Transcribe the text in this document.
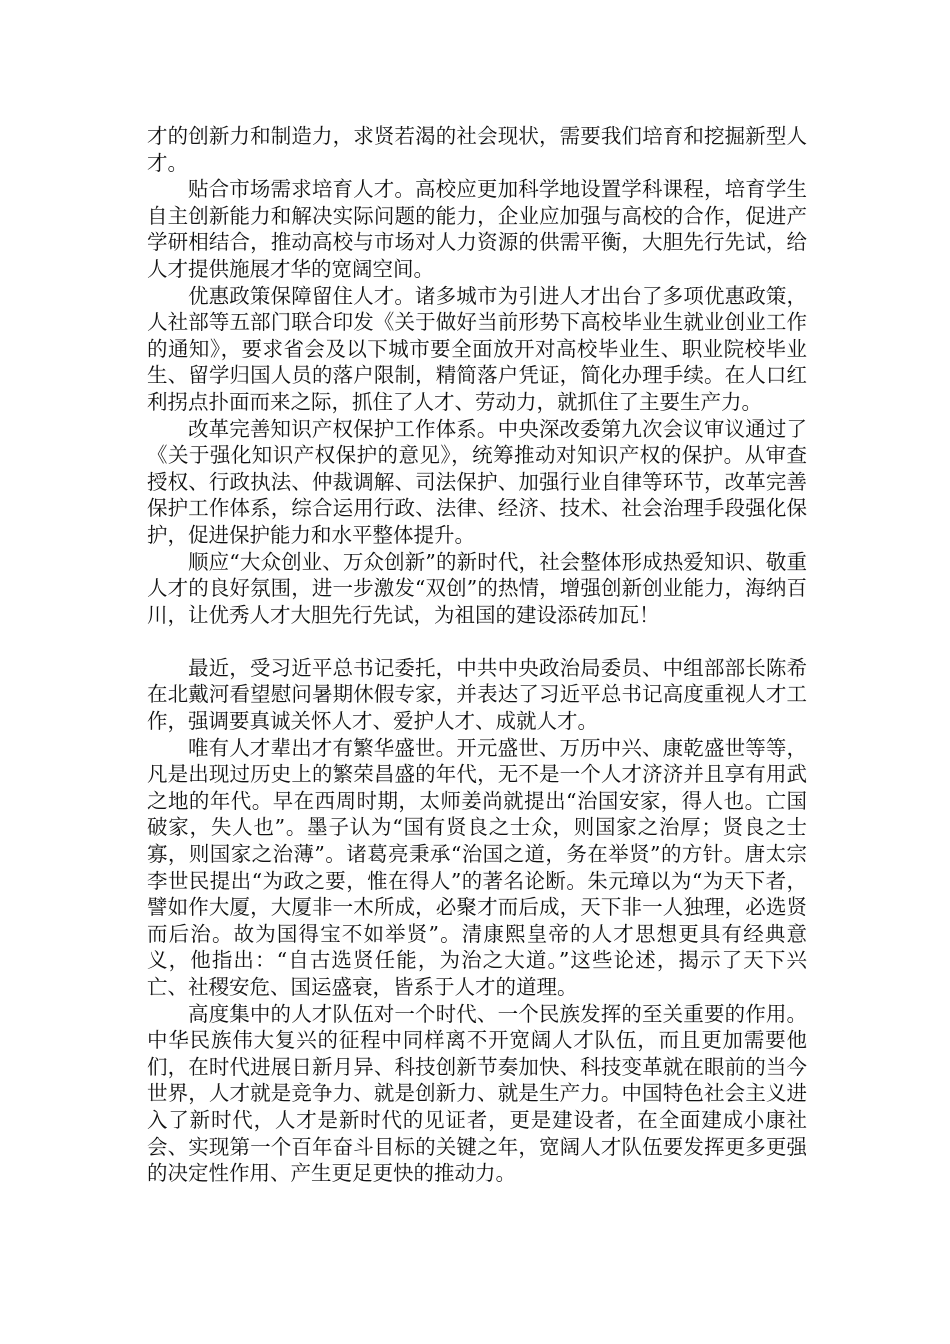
才的创新力和制造力，求贤若渴的社会现状，需要我们培育和挖掘新型人才。

贴合市场需求培育人才。高校应更加科学地设置学科课程，培育学生自主创新能力和解决实际问题的能力，企业应加强与高校的合作，促进产学研相结合，推动高校与市场对人力资源的供需平衡，大胆先行先试，给人才提供施展才华的宽阔空间。

优惠政策保障留住人才。诸多城市为引进人才出台了多项优惠政策，人社部等五部门联合印发《关于做好当前形势下高校毕业生就业创业工作的通知》，要求省会及以下城市要全面放开对高校毕业生、职业院校毕业生、留学归国人员的落户限制，精简落户凭证，简化办理手续。在人口红利拐点扑面而来之际，抓住了人才、劳动力，就抓住了主要生产力。

改革完善知识产权保护工作体系。中央深改委第九次会议审议通过了《关于强化知识产权保护的意见》，统筹推动对知识产权的保护。从审查授权、行政执法、仲裁调解、司法保护、加强行业自律等环节，改革完善保护工作体系，综合运用行政、法律、经济、技术、社会治理手段强化保护，促进保护能力和水平整体提升。

顺应“大众创业、万众创新”的新时代，社会整体形成热爱知识、敬重人才的良好氛围，进一步激发“双创”的热情，增强创新创业能力，海纳百川，让优秀人才大胆先行先试，为祖国的建设添砖加瓦！

最近，受习近平总书记委托，中共中央政治局委员、中组部部长陈希在北戴河看望慰问暑期休假专家，并表达了习近平总书记高度重视人才工作，强调要真诚关怀人才、爱护人才、成就人才。

唯有人才辈出才有繁华盛世。开元盛世、万历中兴、康乾盛世等等，凡是出现过历史上的繁荣昌盛的年代，无不是一个人才济济并且享有用武之地的年代。早在西周时期，太师姜尚就提出“治国安家，得人也。亡国破家，失人也”。墨子认为“国有贤良之士众，则国家之治厚；贤良之士寡，则国家之治薄”。诸葛亮秉承“治国之道，务在举贤”的方针。唐太宗李世民提出“为政之要，惟在得人”的著名论断。朱元璋以为“为天下者，譬如作大厦，大厦非一木所成，必聚才而后成，天下非一人独理，必选贤而后治。故为国得宝不如举贤”。清康熙皇帝的人才思想更具有经典意义，他指出：“自古选贤任能，为治之大道。”这些论述，揭示了天下兴亡、社稷安危、国运盛衰，皆系于人才的道理。

高度集中的人才队伍对一个时代、一个民族发挥的至关重要的作用。中华民族伟大复兴的征程中同样离不开宽阔人才队伍，而且更加需要他们，在时代进展日新月异、科技创新节奏加快、科技变革就在眼前的当今世界，人才就是竞争力、就是创新力、就是生产力。中国特色社会主义进入了新时代，人才是新时代的见证者，更是建设者，在全面建成小康社会、实现第一个百年奋斗目标的关键之年，宽阔人才队伍要发挥更多更强的决定性作用、产生更足更快的推动力。
